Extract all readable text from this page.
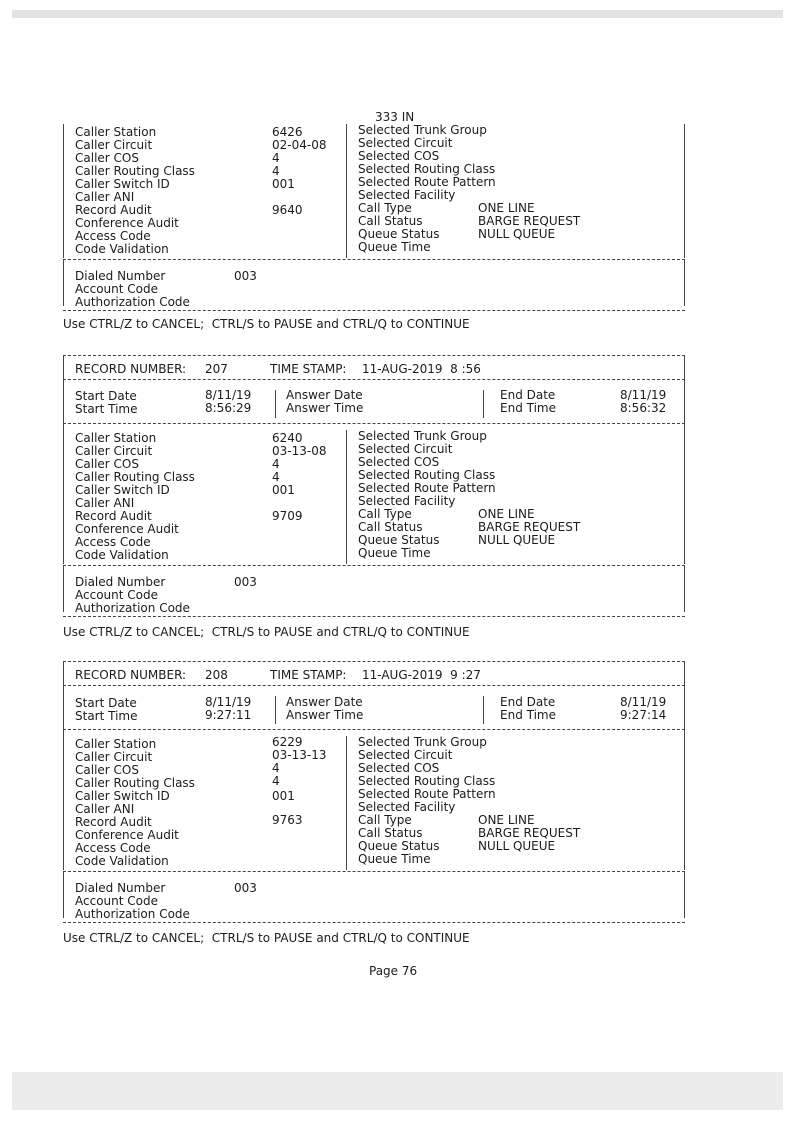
333 IN
Caller Station	6426
Caller Circuit	02-04-08
Caller COS	4
Caller Routing Class	4
Caller Switch ID	001
Caller ANI
Record Audit	9640
Conference Audit
Access Code
Code Validation
Selected Trunk Group
Selected Circuit
Selected COS
Selected Routing Class
Selected Route Pattern
Selected Facility
Call Type	ONE LINE
Call Status	BARGE REQUEST
Queue Status	NULL QUEUE
Queue Time
Dialed Number	003
Account Code
Authorization Code
Use CTRL/Z to CANCEL;  CTRL/S to PAUSE and CTRL/Q to CONTINUE
RECORD NUMBER: 207	TIME STAMP: 11-AUG-2019  8 :56
Start Date	8/11/19
Start Time	8:56:29
Answer Date
Answer Time
End Date	8/11/19
End Time	8:56:32
Caller Station	6240
Caller Circuit	03-13-08
Caller COS	4
Caller Routing Class	4
Caller Switch ID	001
Caller ANI
Record Audit	9709
Conference Audit
Access Code
Code Validation
Selected Trunk Group
Selected Circuit
Selected COS
Selected Routing Class
Selected Route Pattern
Selected Facility
Call Type	ONE LINE
Call Status	BARGE REQUEST
Queue Status	NULL QUEUE
Queue Time
Dialed Number	003
Account Code
Authorization Code
Use CTRL/Z to CANCEL;  CTRL/S to PAUSE and CTRL/Q to CONTINUE
RECORD NUMBER: 208	TIME STAMP: 11-AUG-2019  9 :27
Start Date	8/11/19
Start Time	9:27:11
Answer Date
Answer Time
End Date	8/11/19
End Time	9:27:14
Caller Station	6229
Caller Circuit	03-13-13
Caller COS	4
Caller Routing Class	4
Caller Switch ID	001
Caller ANI
Record Audit	9763
Conference Audit
Access Code
Code Validation
Selected Trunk Group
Selected Circuit
Selected COS
Selected Routing Class
Selected Route Pattern
Selected Facility
Call Type	ONE LINE
Call Status	BARGE REQUEST
Queue Status	NULL QUEUE
Queue Time
Dialed Number	003
Account Code
Authorization Code
Use CTRL/Z to CANCEL;  CTRL/S to PAUSE and CTRL/Q to CONTINUE
Page 76
